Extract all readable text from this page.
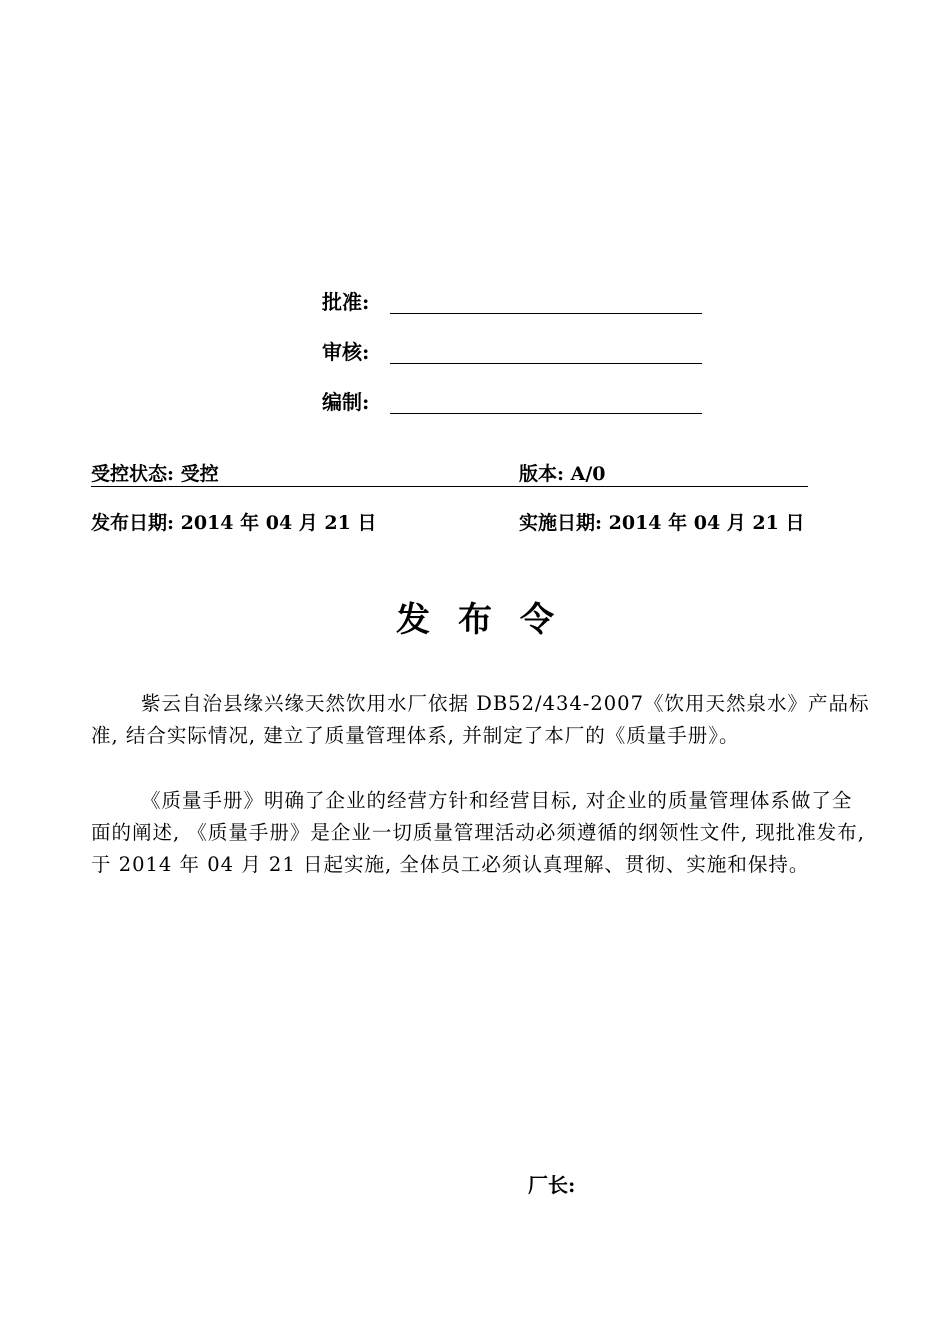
批准:
审核:
编制:
受控状态: 受控	版本: A/0
发布日期: 2014 年 04 月 21 日	实施日期: 2014 年 04 月 21 日
发布令

紫云自治县缘兴缘天然饮用水厂依据 DB52/434-2007《饮用天然泉水》产品标准, 结合实际情况, 建立了质量管理体系, 并制定了本厂的《质量手册》。

《质量手册》明确了企业的经营方针和经营目标, 对企业的质量管理体系做了全面的阐述, 《质量手册》是企业一切质量管理活动必须遵循的纲领性文件, 现批准发布, 于 2014 年 04 月 21 日起实施, 全体员工必须认真理解、贯彻、实施和保持。

厂长:
